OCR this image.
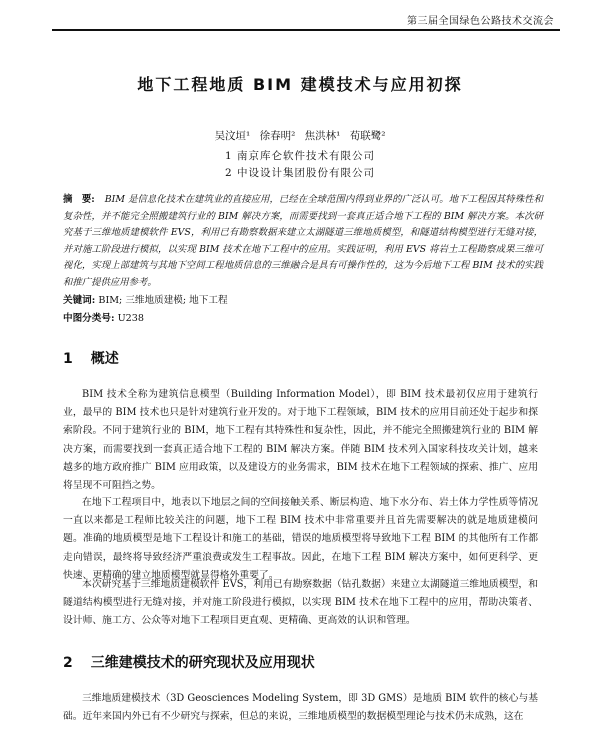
第三届全国绿色公路技术交流会
地下工程地质 BIM 建模技术与应用初探
吴汶垣¹ 徐春明² 焦洪林¹ 荀联鹭²
1 南京库仑软件技术有限公司
2 中设设计集团股份有限公司
摘　要: BIM 是信息化技术在建筑业的直接应用，已经在全球范围内得到业界的广泛认可。地下工程因其特殊性和复杂性，并不能完全照搬建筑行业的 BIM 解决方案，而需要找到一套真正适合地下工程的 BIM 解决方案。本次研究基于三维地质建模软件 EVS，利用已有勘察数据来建立太湖隧道三维地质模型，和隧道结构模型进行无缝对接，并对施工阶段进行模拟，以实现 BIM 技术在地下工程中的应用。实践证明，利用 EVS 将岩土工程勘察成果三维可视化，实现上部建筑与其地下空间工程地质信息的三维融合是具有可操作性的，这为今后地下工程 BIM 技术的实践和推广提供应用参考。
关键词: BIM; 三维地质建模; 地下工程
中图分类号: U238
1 概述

BIM 技术全称为建筑信息模型（Building Information Model），即 BIM 技术最初仅应用于建筑行业，最早的 BIM 技术也只是针对建筑行业开发的。对于地下工程领域，BIM 技术的应用目前还处于起步和探索阶段。不同于建筑行业的 BIM，地下工程有其特殊性和复杂性，因此，并不能完全照搬建筑行业的 BIM 解决方案，而需要找到一套真正适合地下工程的 BIM 解决方案。伴随 BIM 技术列入国家科技攻关计划，越来越多的地方政府推广 BIM 应用政策，以及建设方的业务需求，BIM 技术在地下工程领域的探索、推广、应用将呈现不可阻挡之势。

在地下工程项目中，地表以下地层之间的空间接触关系、断层构造、地下水分布、岩土体力学性质等情况一直以来都是工程师比较关注的问题，地下工程 BIM 技术中非常重要并且首先需要解决的就是地质建模问题。准确的地质模型是地下工程设计和施工的基础，错误的地质模型将导致地下工程 BIM 的其他所有工作都走向错误，最终将导致经济严重浪费或发生工程事故。因此，在地下工程 BIM 解决方案中，如何更科学、更快速、更精确的建立地质模型就显得格外重要了。

本次研究基于三维地质建模软件 EVS，利用已有勘察数据（钻孔数据）来建立太湖隧道三维地质模型，和隧道结构模型进行无缝对接，并对施工阶段进行模拟，以实现 BIM 技术在地下工程中的应用，帮助决策者、设计师、施工方、公众等对地下工程项目更直观、更精确、更高效的认识和管理。

2 三维建模技术的研究现状及应用现状

三维地质建模技术（3D Geosciences Modeling System，即 3D GMS）是地质 BIM 软件的核心与基础。近年来国内外已有不少研究与探索，但总的来说，三维地质模型的数据模型理论与技术仍未成熟，这在
